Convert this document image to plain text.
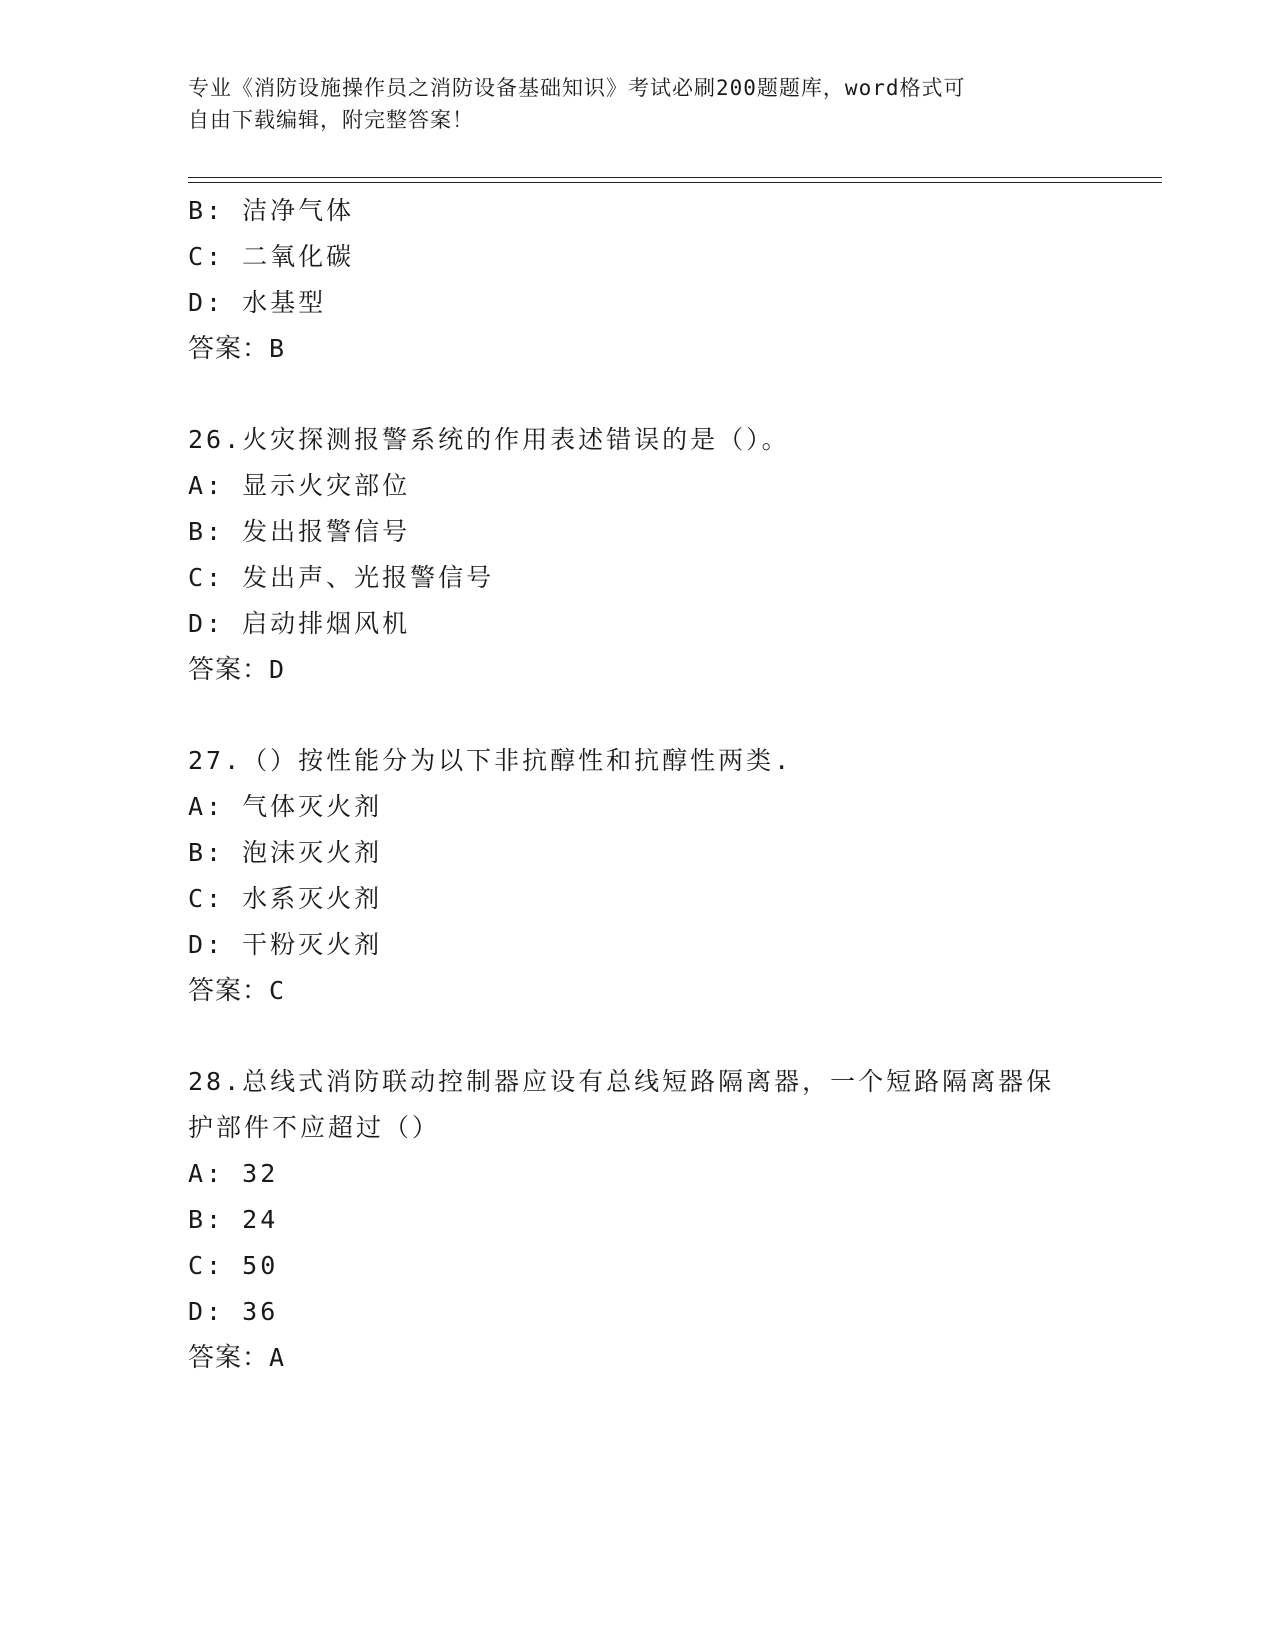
专业《消防设施操作员之消防设备基础知识》考试必刷200题题库，word格式可
自由下载编辑，附完整答案！
B: 洁净气体
C: 二氧化碳
D: 水基型
答案：B
26.火灾探测报警系统的作用表述错误的是（）。
A: 显示火灾部位
B: 发出报警信号
C: 发出声、光报警信号
D: 启动排烟风机
答案：D
27.（）按性能分为以下非抗醇性和抗醇性两类.
A: 气体灭火剂
B: 泡沫灭火剂
C: 水系灭火剂
D: 干粉灭火剂
答案：C
28.总线式消防联动控制器应设有总线短路隔离器，一个短路隔离器保
护部件不应超过（）
A: 32
B: 24
C: 50
D: 36
答案：A
